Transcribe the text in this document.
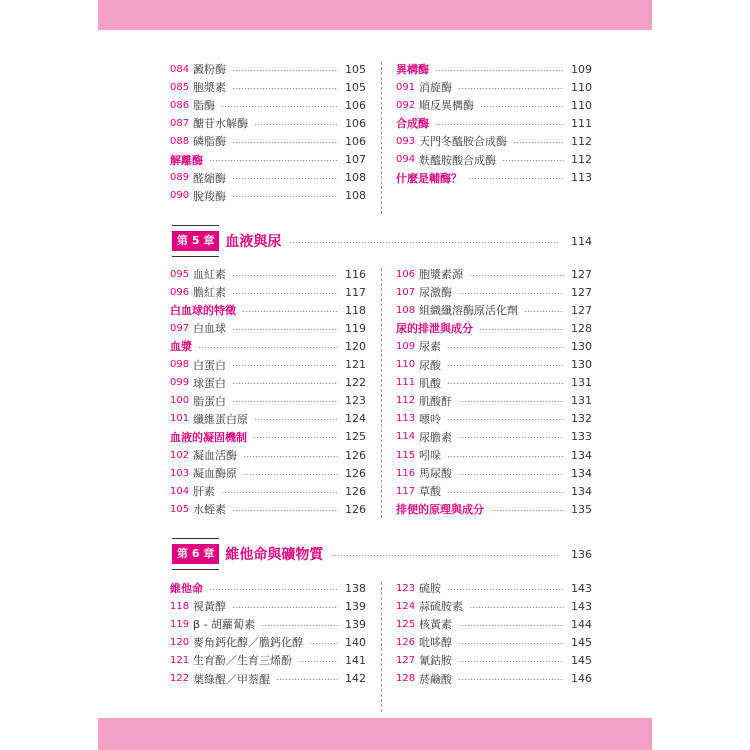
084 澱粉酶	105
085 胞漿素	105
086 脂酶	106
087 醣苷水解酶	106
088 磷脂酶	106
解離酶	107
089 醛縮酶	108
090 脫羧酶	108
異構酶	109
091 消旋酶	110
092 順反異構酶	110
合成酶	111
093 天門冬醯胺合成酶	112
094 麩醯胺酸合成酶	112
什麼是輔酶？	113
第 5 章 血液與尿	114
095 血紅素	116
096 膽紅素	117
白血球的特徵	118
097 白血球	119
血漿	120
098 白蛋白	121
099 球蛋白	122
100 脂蛋白	123
101 纖維蛋白原	124
血液的凝固機制	125
102 凝血活酶	126
103 凝血酶原	126
104 肝素	126
105 水蛭素	126
106 胞漿素源	127
107 尿激酶	127
108 組織纖溶酶原活化劑	127
尿的排泄與成分	128
109 尿素	130
110 尿酸	130
111 肌酸	131
112 肌酸酐	131
113 嘌呤	132
114 尿膽素	133
115 吲哚	134
116 馬尿酸	134
117 草酸	134
排便的原理與成分	135
第 6 章 維他命與礦物質	136
維他命	138
118 視黃醇	139
119 β - 胡蘿蔔素	139
120 麥角鈣化醇／膽鈣化醇	140
121 生育酚／生育三烯酚	141
122 葉綠醌／甲萘醌	142
123 硫胺	143
124 蒜硫胺素	143
125 核黃素	144
126 吡哆醇	145
127 氰鈷胺	145
128 菸鹼酸	146
